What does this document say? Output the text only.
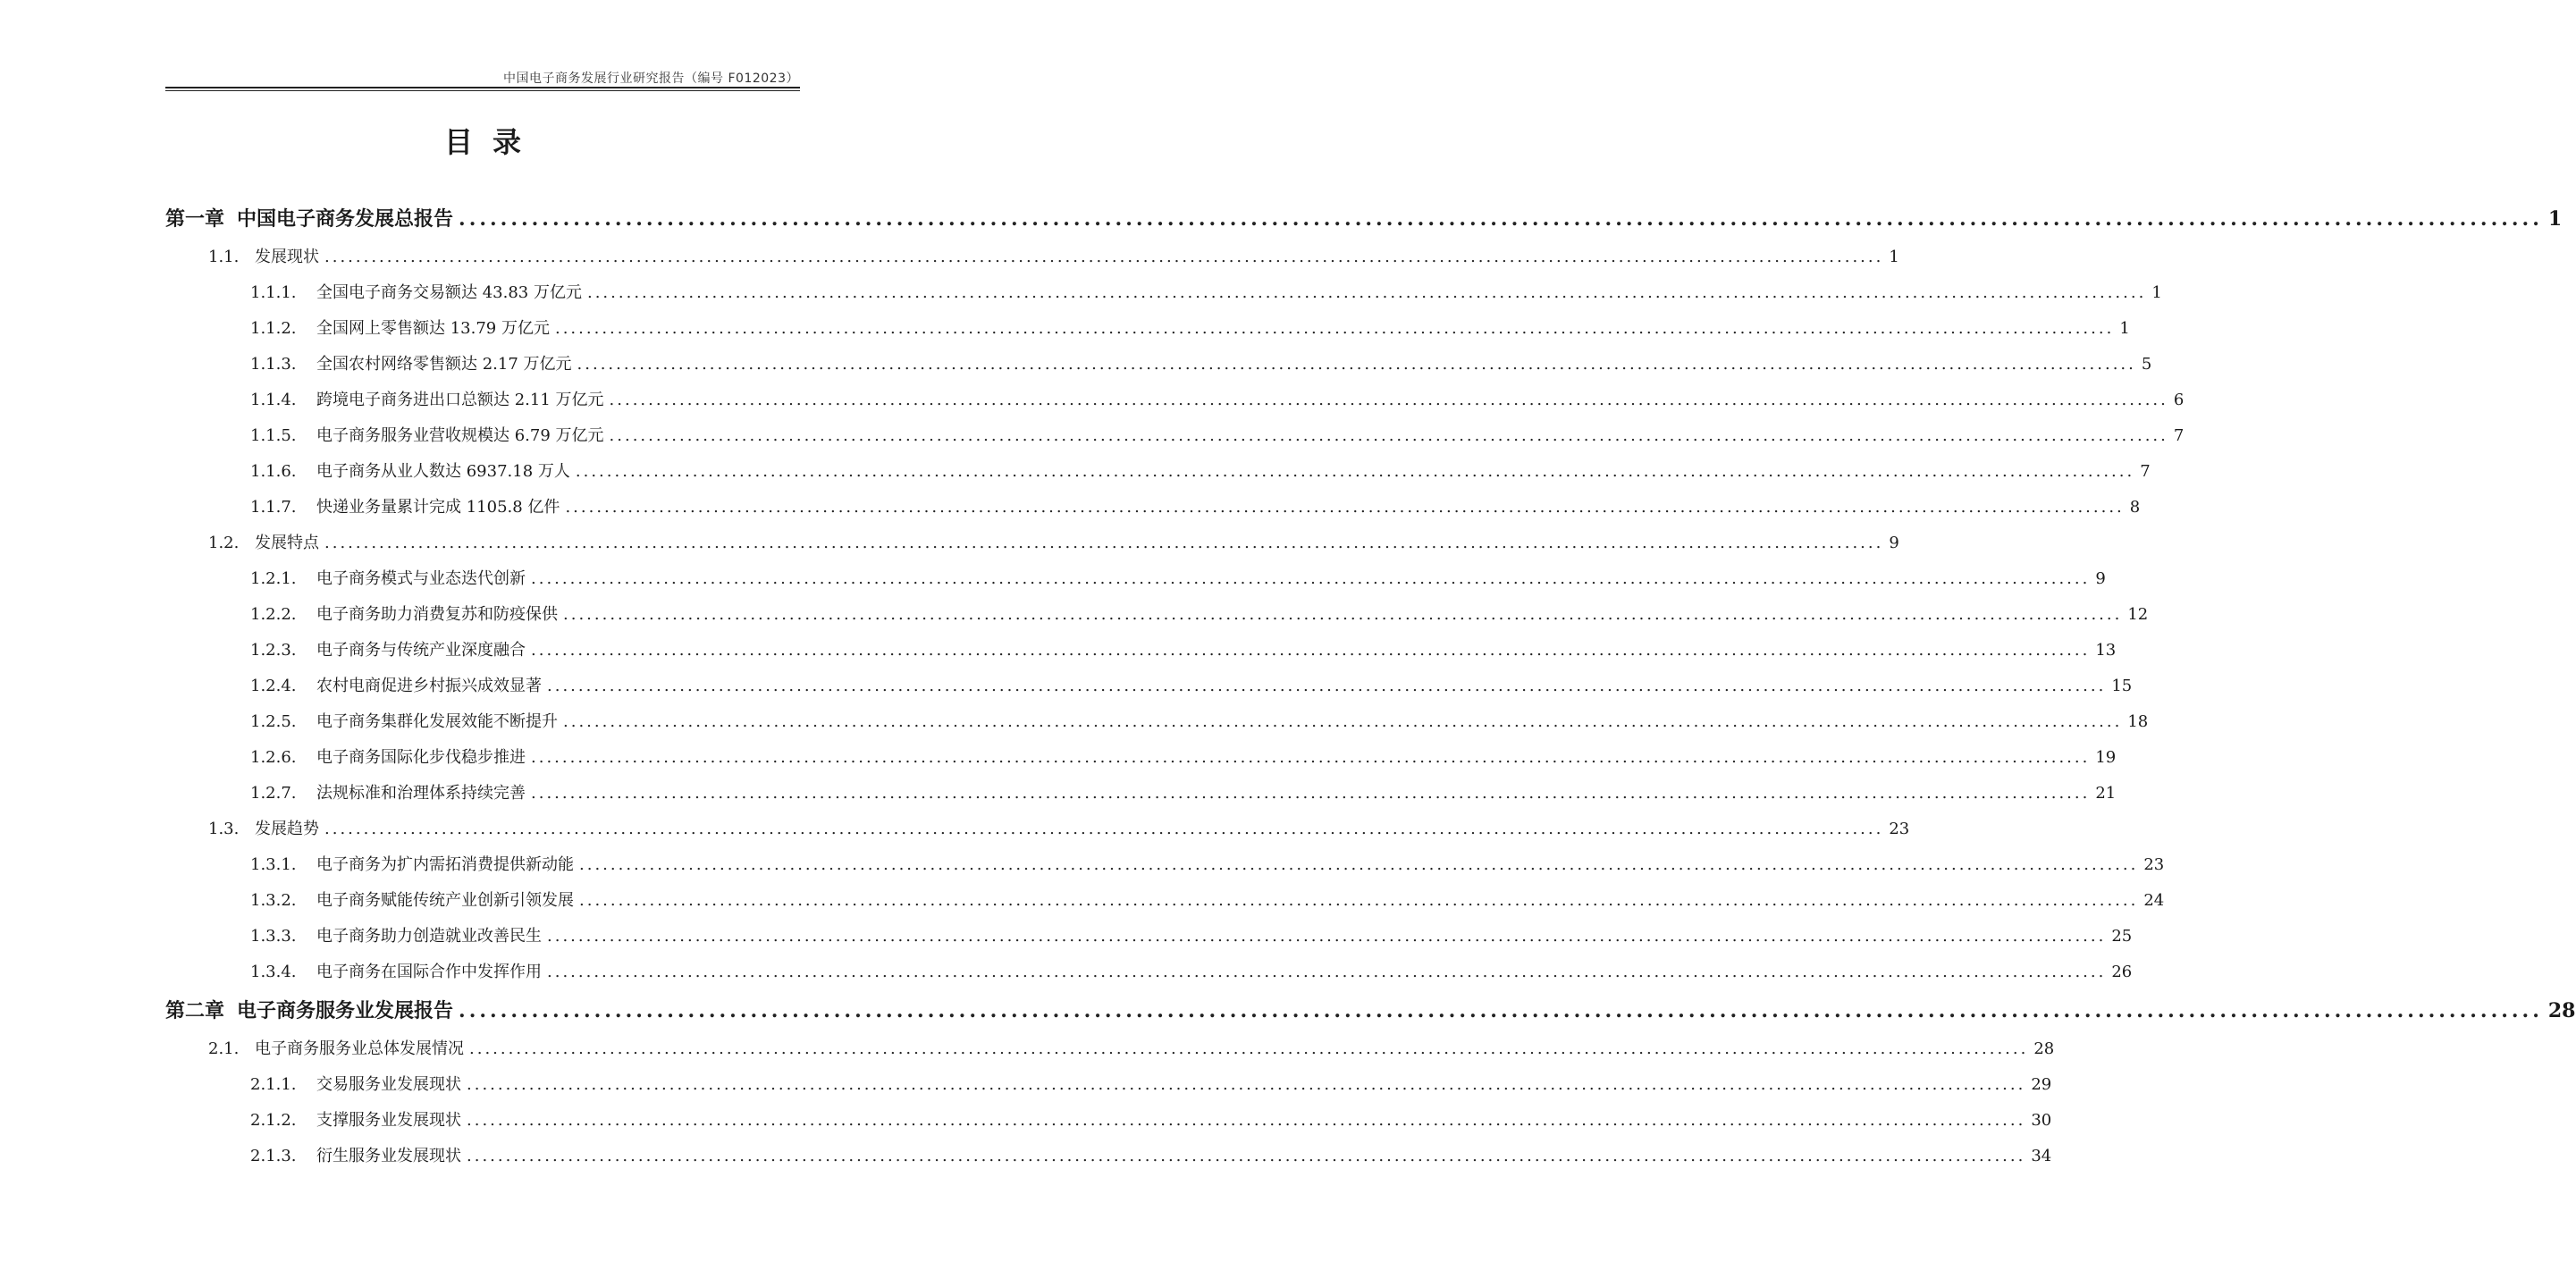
中国电子商务发展行业研究报告（编号 F012023）
目录
第一章 中国电子商务发展总报告 ........................................................................................................................................................................................................ 1
1.1. 发展现状 ........................................................................................................................................................................................................ 1
1.1.1.	全国电子商务交易额达 43.83 万亿元 ........................................................................................................................................................................................................ 1
1.1.2.	全国网上零售额达 13.79 万亿元 ........................................................................................................................................................................................................ 1
1.1.3.	全国农村网络零售额达 2.17 万亿元 ........................................................................................................................................................................................................ 5
1.1.4.	跨境电子商务进出口总额达 2.11 万亿元 ........................................................................................................................................................................................................ 6
1.1.5.	电子商务服务业营收规模达 6.79 万亿元 ........................................................................................................................................................................................................ 7
1.1.6.	电子商务从业人数达 6937.18 万人 ........................................................................................................................................................................................................ 7
1.1.7.	快递业务量累计完成 1105.8 亿件 ........................................................................................................................................................................................................ 8
1.2. 发展特点 ........................................................................................................................................................................................................ 9
1.2.1.	电子商务模式与业态迭代创新 ........................................................................................................................................................................................................ 9
1.2.2.	电子商务助力消费复苏和防疫保供 ........................................................................................................................................................................................................ 12
1.2.3.	电子商务与传统产业深度融合 ........................................................................................................................................................................................................ 13
1.2.4.	农村电商促进乡村振兴成效显著 ........................................................................................................................................................................................................ 15
1.2.5.	电子商务集群化发展效能不断提升 ........................................................................................................................................................................................................ 18
1.2.6.	电子商务国际化步伐稳步推进 ........................................................................................................................................................................................................ 19
1.2.7.	法规标准和治理体系持续完善 ........................................................................................................................................................................................................ 21
1.3. 发展趋势 ........................................................................................................................................................................................................ 23
1.3.1.	电子商务为扩内需拓消费提供新动能 ........................................................................................................................................................................................................ 23
1.3.2.	电子商务赋能传统产业创新引领发展 ........................................................................................................................................................................................................ 24
1.3.3.	电子商务助力创造就业改善民生 ........................................................................................................................................................................................................ 25
1.3.4.	电子商务在国际合作中发挥作用 ........................................................................................................................................................................................................ 26
第二章 电子商务服务业发展报告 ........................................................................................................................................................................................................ 28
2.1. 电子商务服务业总体发展情况 ........................................................................................................................................................................................................ 28
2.1.1.	交易服务业发展现状 ........................................................................................................................................................................................................ 29
2.1.2.	支撑服务业发展现状 ........................................................................................................................................................................................................ 30
2.1.3.	衍生服务业发展现状 ........................................................................................................................................................................................................ 34
